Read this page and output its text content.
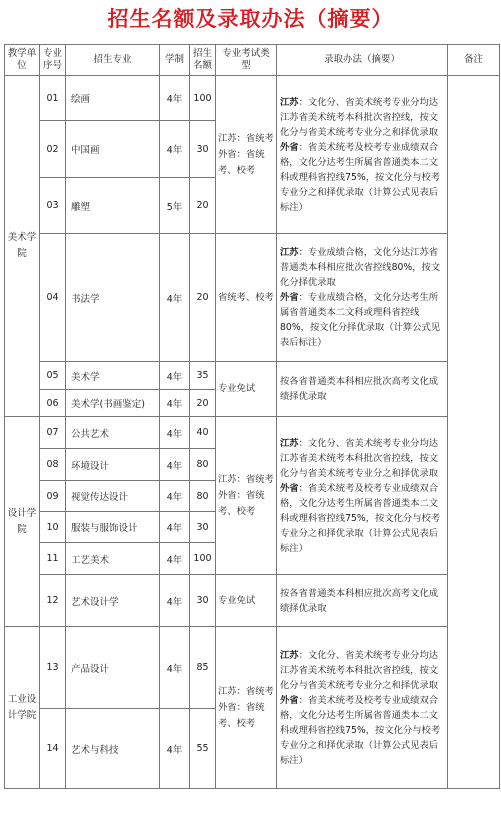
招生名额及录取办法（摘要）
教学单位	专业序号	招生专业	学制	招生名额	专业考试类型	录取办法（摘要）	备注
美术学院	01	绘画	4年	100	江苏：省统考外省：省统考、校考	江苏：文化分、省美术统考专业分均达江苏省美术统考本科批次省控线，按文化分与省美术统考专业分之和择优录取
外省：省美术统考及校考专业成绩双合格，文化分达考生所属省普通类本二文科或理科省控线75%，按文化分与校考专业分之和择优录取（计算公式见表后标注）	
	02	中国画	4年	30			
	03	雕塑	5年	20			
	04	书法学	4年	20	省统考、校考	江苏：专业成绩合格，文化分达江苏省普通类本科相应批次省控线80%，按文化分择优录取
外省：专业成绩合格，文化分达考生所属省普通类本二文科或理科省控线80%，按文化分择优录取（计算公式见表后标注）	
	05	美术学	4年	35	专业免试	按各省普通类本科相应批次高考文化成绩择优录取	
	06	美术学(书画鉴定)	4年	20			
设计学院	07	公共艺术	4年	40	江苏：省统考外省：省统考、校考	江苏：文化分、省美术统考专业分均达江苏省美术统考本科批次省控线，按文化分与省美术统考专业分之和择优录取
外省：省美术统考及校考专业成绩双合格，文化分达考生所属省普通类本二文科或理科省控线75%，按文化分与校考专业分之和择优录取（计算公式见表后标注）	
	08	环境设计	4年	80			
	09	视觉传达设计	4年	80			
	10	服装与服饰设计	4年	30			
	11	工艺美术	4年	100			
	12	艺术设计学	4年	30	专业免试	按各省普通类本科相应批次高考文化成绩择优录取	
工业设计学院	13	产品设计	4年	85	江苏：省统考外省：省统考、校考	江苏：文化分、省美术统考专业分均达江苏省美术统考本科批次省控线，按文化分与省美术统考专业分之和择优录取
外省：省美术统考及校考专业成绩双合格，文化分达考生所属省普通类本二文科或理科省控线75%，按文化分与校考专业分之和择优录取（计算公式见表后标注）	
	14	艺术与科技	4年	55			
